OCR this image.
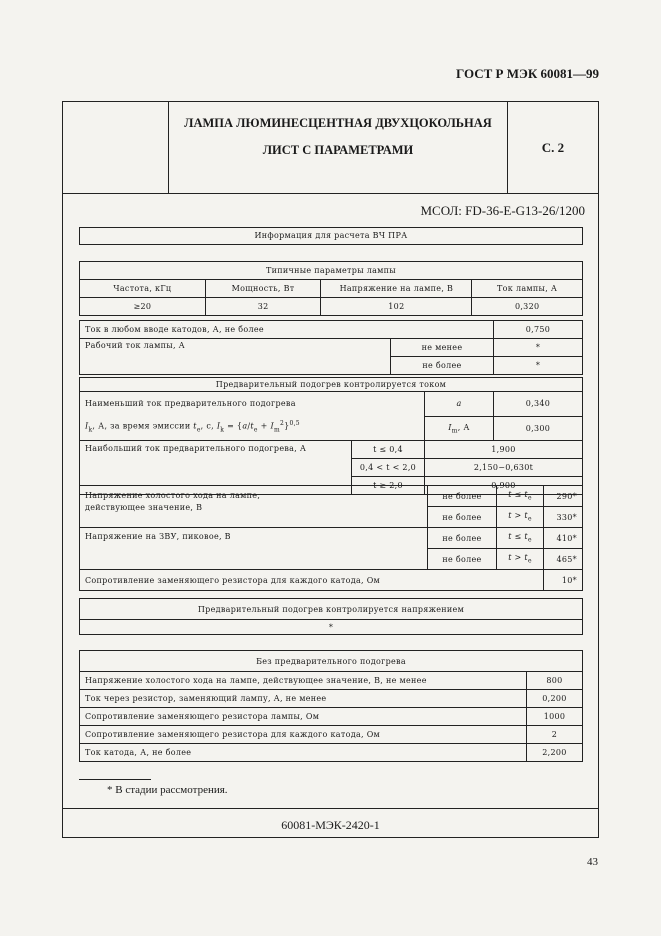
ГОСТ Р МЭК 60081—99
ЛАМПА ЛЮМИНЕСЦЕНТНАЯ ДВУХЦОКОЛЬНАЯ
ЛИСТ С ПАРАМЕТРАМИ	С. 2
МСОЛ: FD-36-E-G13-26/1200
Информация для расчета ВЧ ПРА
Типичные параметры лампы			
Частота, кГц	Мощность, Вт	Напряжение на лампе, В	Ток лампы, А
≥20	32	102	0,320
Ток в любом вводе катодов, А, не более		0,750
Рабочий ток лампы, А	не менее	*
	не более	*
Предварительный подогрев контролируется током			
Наименьший ток предварительного подогрева
$I_k$, А, за время эмиссии $t_e$, с, $I_k = \{a/t_e + I_m^2\}^{0,5}$		a	0,340
		$I_m$, А	0,300
Наибольший ток предварительного подогрева, А	t ≤ 0,4	1,900	
	0,4 < t < 2,0	2,150−0,630t	
	t ≥ 2,0	0,900	
Напряжение холостого хода на лампе,
действующее значение, В	не более	$t \le t_e$	290*
	не более	$t > t_e$	330*
Напряжение на ЗВУ, пиковое, В	не более	$t \le t_e$	410*
	не более	$t > t_e$	465*
Сопротивление заменяющего резистора для каждого катода, Ом			10*
Предварительный подогрев контролируется напряжением
*
Без предварительного подогрева	
Напряжение холостого хода на лампе, действующее значение, В, не менее	800
Ток через резистор, заменяющий лампу, А, не менее	0,200
Сопротивление заменяющего резистора лампы, Ом	1000
Сопротивление заменяющего резистора для каждого катода, Ом	2
Ток катода, А, не более	2,200
* В стадии рассмотрения.
60081-МЭК-2420-1
43
